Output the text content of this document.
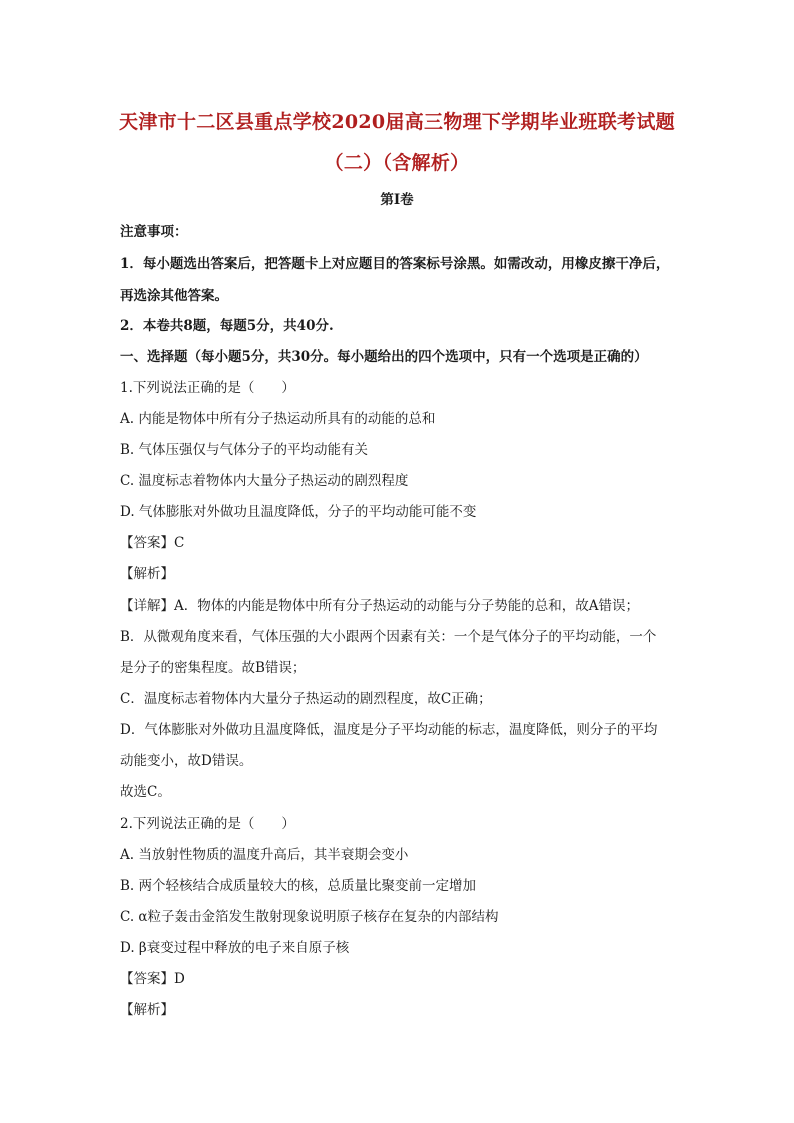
天津市十二区县重点学校2020届高三物理下学期毕业班联考试题
（二）（含解析）
第Ⅰ卷
注意事项：
1．每小题选出答案后，把答题卡上对应题目的答案标号涂黑。如需改动，用橡皮擦干净后，
再选涂其他答案。
2．本卷共8题，每题5分，共40分.
一、选择题（每小题5分，共30分。每小题给出的四个选项中，只有一个选项是正确的）
1.下列说法正确的是（　　）
A. 内能是物体中所有分子热运动所具有的动能的总和
B. 气体压强仅与气体分子的平均动能有关
C. 温度标志着物体内大量分子热运动的剧烈程度
D. 气体膨胀对外做功且温度降低，分子的平均动能可能不变
【答案】C
【解析】
【详解】A．物体的内能是物体中所有分子热运动的动能与分子势能的总和，故A错误；
B．从微观角度来看，气体压强的大小跟两个因素有关：一个是气体分子的平均动能，一个
是分子的密集程度。故B错误；
C．温度标志着物体内大量分子热运动的剧烈程度，故C正确；
D．气体膨胀对外做功且温度降低，温度是分子平均动能的标志，温度降低，则分子的平均
动能变小，故D错误。
故选C。
2.下列说法正确的是（　　）
A. 当放射性物质的温度升高后，其半衰期会变小
B. 两个轻核结合成质量较大的核，总质量比聚变前一定增加
C. α粒子轰击金箔发生散射现象说明原子核存在复杂的内部结构
D. β衰变过程中释放的电子来自原子核
【答案】D
【解析】
